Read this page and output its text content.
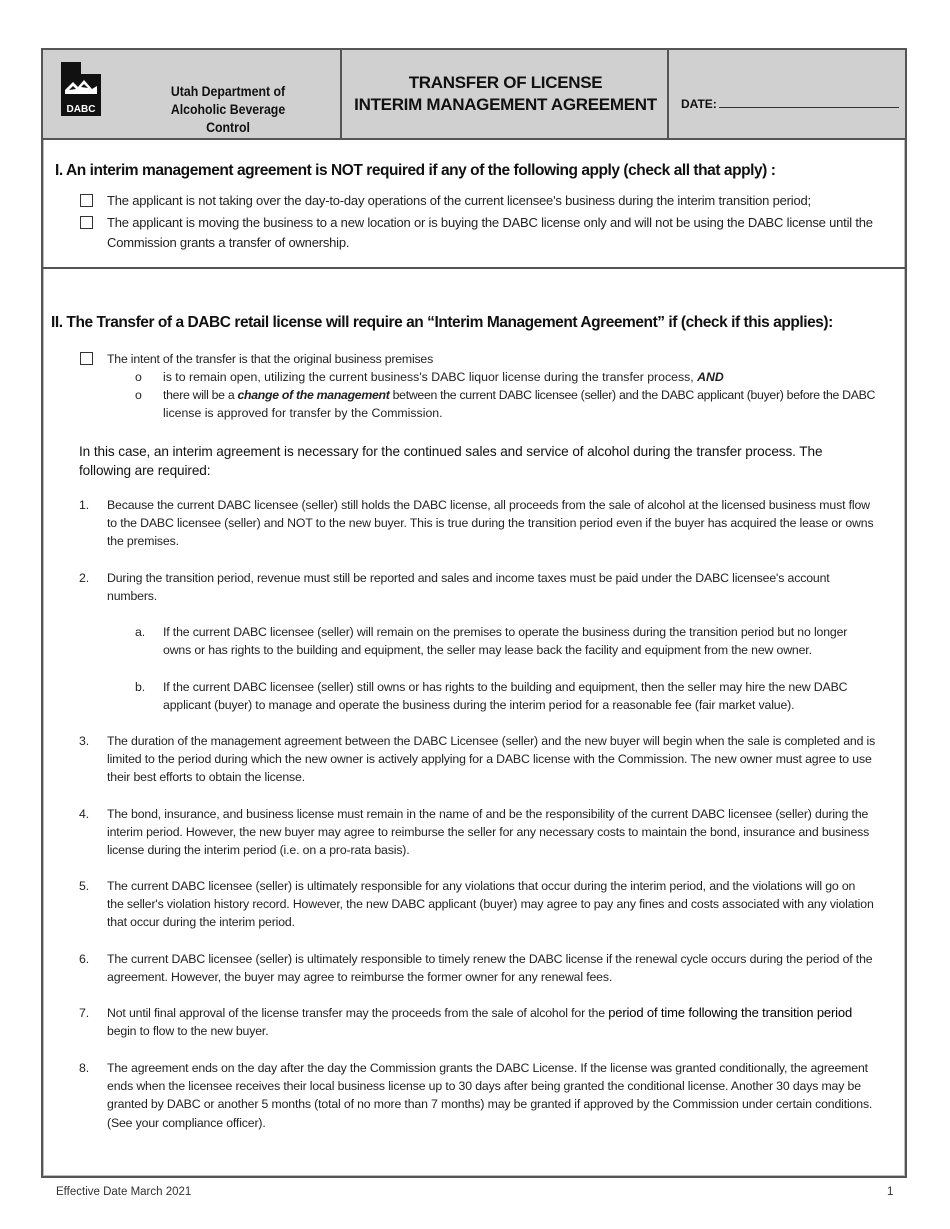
DABC
Utah Department of
Alcoholic Beverage Control
TRANSFER OF LICENSE
INTERIM MANAGEMENT AGREEMENT	DATE:
I. An interim management agreement is NOT required if any of the following apply (check all that apply) :
The applicant is not taking over the day-to-day operations of the current licensee's business during the interim transition period;
The applicant is moving the business to a new location or is buying the DABC license only and will not be using the DABC license until the
Commission grants a transfer of ownership.
II. The Transfer of a DABC retail license will require an “Interim Management Agreement” if (check if this applies):
The intent of the transfer is that the original business premises
o is to remain open, utilizing the current business's DABC liquor license during the transfer process, AND
o there will be a change of the management between the current DABC licensee (seller) and the DABC applicant (buyer) before the DABC
license is approved for transfer by the Commission.
In this case, an interim agreement is necessary for the continued sales and service of alcohol during the transfer process. The
following are required:
1. Because the current DABC licensee (seller) still holds the DABC license, all proceeds from the sale of alcohol at the licensed business must flow
to the DABC licensee (seller) and NOT to the new buyer. This is true during the transition period even if the buyer has acquired the lease or owns
the premises.
2. During the transition period, revenue must still be reported and sales and income taxes must be paid under the DABC licensee's account
numbers.
a. If the current DABC licensee (seller) will remain on the premises to operate the business during the transition period but no longer
owns or has rights to the building and equipment, the seller may lease back the facility and equipment from the new owner.
b. If the current DABC licensee (seller) still owns or has rights to the building and equipment, then the seller may hire the new DABC
applicant (buyer) to manage and operate the business during the interim period for a reasonable fee (fair market value).
3. The duration of the management agreement between the DABC Licensee (seller) and the new buyer will begin when the sale is completed and is
limited to the period during which the new owner is actively applying for a DABC license with the Commission. The new owner must agree to use
their best efforts to obtain the license.
4. The bond, insurance, and business license must remain in the name of and be the responsibility of the current DABC licensee (seller) during the
interim period. However, the new buyer may agree to reimburse the seller for any necessary costs to maintain the bond, insurance and business
license during the interim period (i.e. on a pro-rata basis).
5. The current DABC licensee (seller) is ultimately responsible for any violations that occur during the interim period, and the violations will go on
the seller's violation history record. However, the new DABC applicant (buyer) may agree to pay any fines and costs associated with any violation
that occur during the interim period.
6. The current DABC licensee (seller) is ultimately responsible to timely renew the DABC license if the renewal cycle occurs during the period of the
agreement. However, the buyer may agree to reimburse the former owner for any renewal fees.
7. Not until final approval of the license transfer may the proceeds from the sale of alcohol for the period of time following the transition period
begin to flow to the new buyer.
8. The agreement ends on the day after the day the Commission grants the DABC License. If the license was granted conditionally, the agreement
ends when the licensee receives their local business license up to 30 days after being granted the conditional license. Another 30 days may be
granted by DABC or another 5 months (total of no more than 7 months) may be granted if approved by the Commission under certain conditions.
(See your compliance officer).
Effective Date March 2021	1
